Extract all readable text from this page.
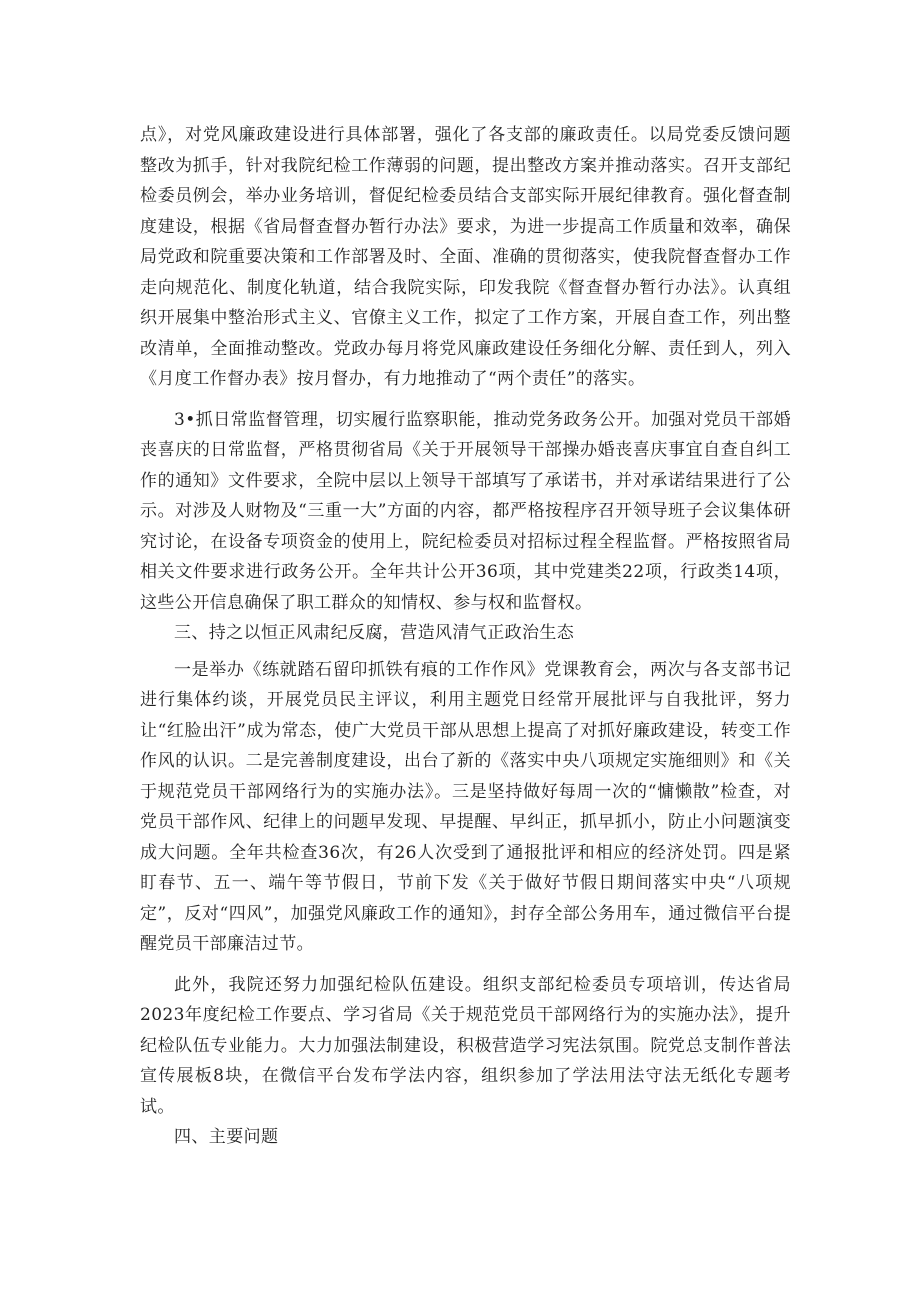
点》，对党风廉政建设进行具体部署，强化了各支部的廉政责任。以局党委反馈问题整改为抓手，针对我院纪检工作薄弱的问题，提出整改方案并推动落实。召开支部纪检委员例会，举办业务培训，督促纪检委员结合支部实际开展纪律教育。强化督查制度建设，根据《省局督查督办暂行办法》要求，为进一步提高工作质量和效率，确保局党政和院重要决策和工作部署及时、全面、准确的贯彻落实，使我院督查督办工作走向规范化、制度化轨道，结合我院实际，印发我院《督查督办暂行办法》。认真组织开展集中整治形式主义、官僚主义工作，拟定了工作方案，开展自查工作，列出整改清单，全面推动整改。党政办每月将党风廉政建设任务细化分解、责任到人，列入《月度工作督办表》按月督办，有力地推动了“两个责任”的落实。

3•抓日常监督管理，切实履行监察职能，推动党务政务公开。加强对党员干部婚丧喜庆的日常监督，严格贯彻省局《关于开展领导干部操办婚丧喜庆事宜自查自纠工作的通知》文件要求，全院中层以上领导干部填写了承诺书，并对承诺结果进行了公示。对涉及人财物及“三重一大”方面的内容，都严格按程序召开领导班子会议集体研究讨论，在设备专项资金的使用上，院纪检委员对招标过程全程监督。严格按照省局相关文件要求进行政务公开。全年共计公开36项，其中党建类22项，行政类14项，这些公开信息确保了职工群众的知情权、参与权和监督权。

三、持之以恒正风肃纪反腐，营造风清气正政治生态

一是举办《练就踏石留印抓铁有痕的工作作风》党课教育会，两次与各支部书记进行集体约谈，开展党员民主评议，利用主题党日经常开展批评与自我批评，努力让“红脸出汗”成为常态，使广大党员干部从思想上提高了对抓好廉政建设，转变工作作风的认识。二是完善制度建设，出台了新的《落实中央八项规定实施细则》和《关于规范党员干部网络行为的实施办法》。三是坚持做好每周一次的“慵懒散”检查，对党员干部作风、纪律上的问题早发现、早提醒、早纠正，抓早抓小，防止小问题演变成大问题。全年共检查36次，有26人次受到了通报批评和相应的经济处罚。四是紧盯春节、五一、端午等节假日，节前下发《关于做好节假日期间落实中央“八项规定”，反对“四风”，加强党风廉政工作的通知》，封存全部公务用车，通过微信平台提醒党员干部廉洁过节。

此外，我院还努力加强纪检队伍建设。组织支部纪检委员专项培训，传达省局2023年度纪检工作要点、学习省局《关于规范党员干部网络行为的实施办法》，提升纪检队伍专业能力。大力加强法制建设，积极营造学习宪法氛围。院党总支制作普法宣传展板8块，在微信平台发布学法内容，组织参加了学法用法守法无纸化专题考试。

四、主要问题
